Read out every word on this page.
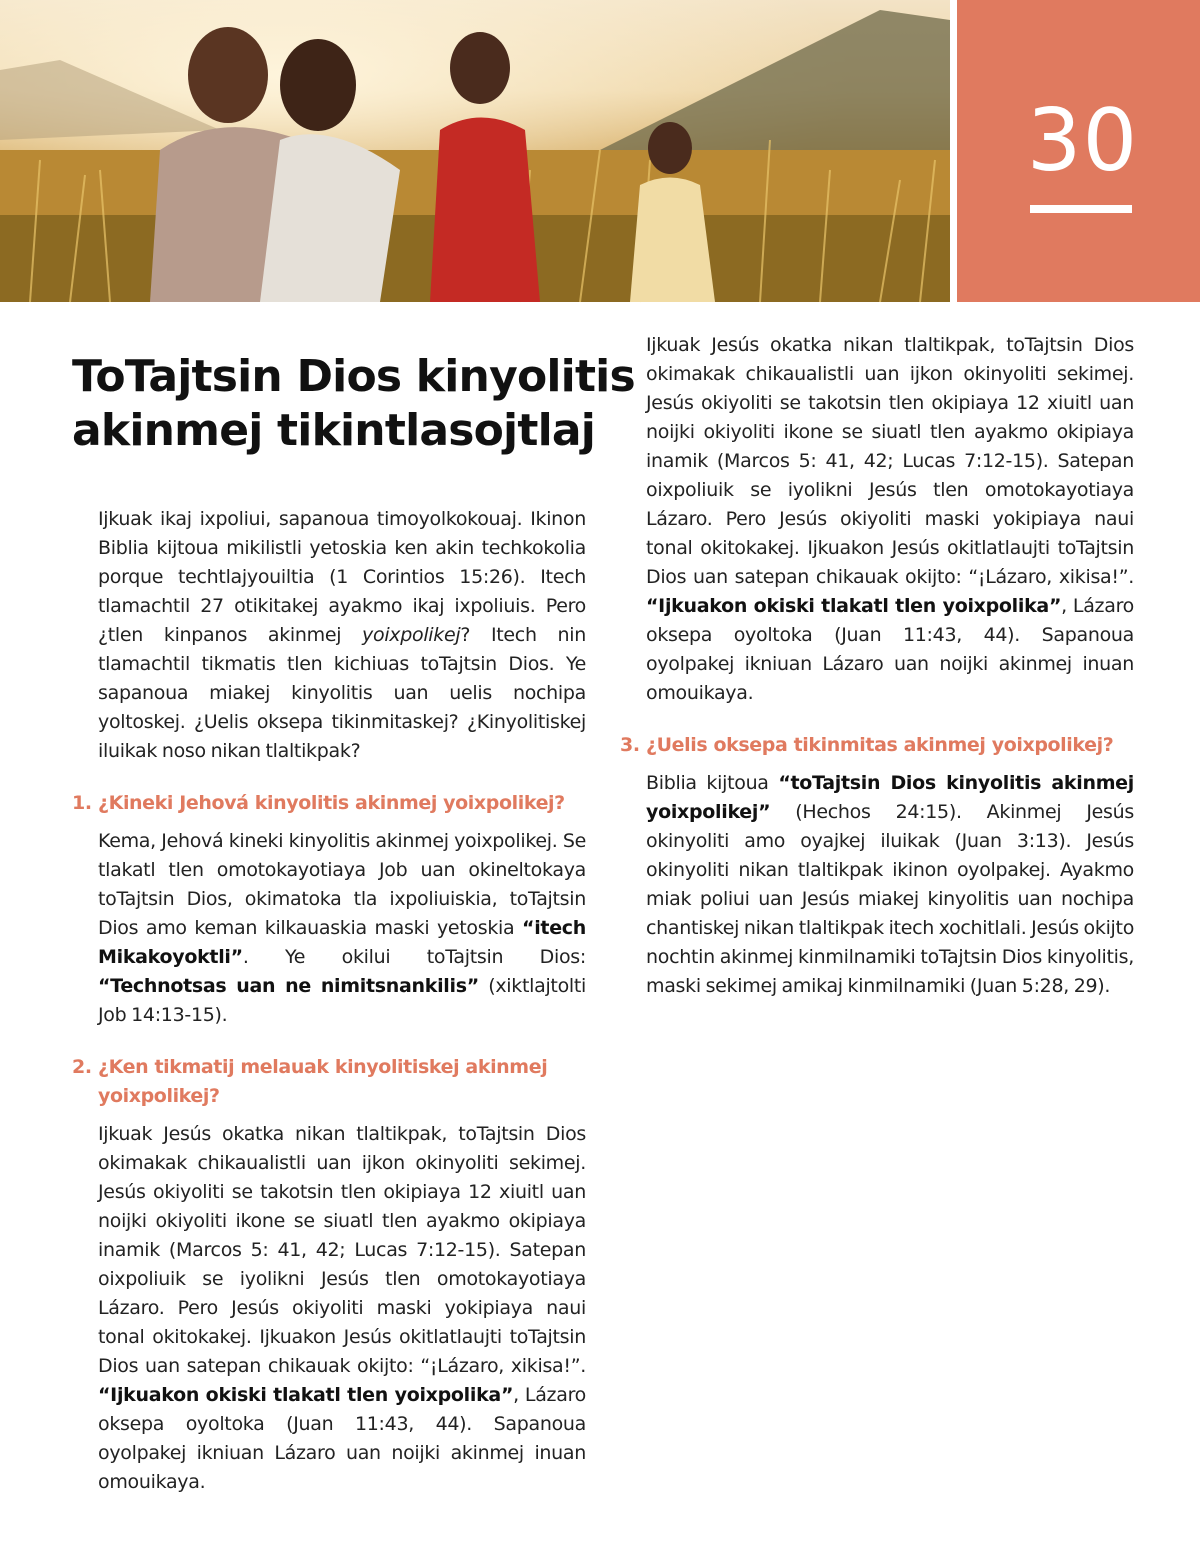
30
ToTajtsin Dios kinyolitis
akinmej tikintlasojtlaj

Ijkuak ikaj ixpoliui, sapanoua timoyolkokouaj. Ikinon Biblia kijtoua mikilistli yetoskia ken akin techkokolia porque techtlajyouiltia (1 Corintios 15:26). Itech tlamachtil 27 otikitakej ayakmo ikaj ixpoliuis. Pero ¿tlen kinpanos akinmej yoixpolikej? Itech nin tlamachtil tikmatis tlen kichiuas toTajtsin Dios. Ye sapanoua miakej kinyolitis uan uelis nochipa yoltoskej. ¿Uelis oksepa tikinmitaskej? ¿Kinyolitiskej iluikak noso nikan tlaltikpak?

1. ¿Kineki Jehová kinyolitis akinmej yoixpolikej?

Kema, Jehová kineki kinyolitis akinmej yoixpolikej. Se tlakatl tlen omotokayotiaya Job uan okineltokaya toTajtsin Dios, okimatoka tla ixpoliuiskia, toTajtsin Dios amo keman kilkauaskia maski yetoskia “itech Mikakoyoktli”. Ye okilui toTajtsin Dios: “Technotsas uan ne nimitsnankilis” (xiktlajtolti Job 14:13-15).

2. ¿Ken tikmatij melauak kinyolitiskej akinmej yoixpolikej?

Ijkuak Jesús okatka nikan tlaltikpak, toTajtsin Dios okimakak chikaualistli uan ijkon okinyoliti sekimej. Jesús okiyoliti se takotsin tlen okipiaya 12 xiuitl uan noijki okiyoliti ikone se siuatl tlen ayakmo okipiaya inamik (Marcos 5: 41, 42; Lucas 7:12-15). Satepan oixpoliuik se iyolikni Jesús tlen omotokayotiaya Lázaro. Pero Jesús okiyoliti maski yokipiaya naui tonal okitokakej. Ijkuakon Jesús okitlatlaujti toTajtsin Dios uan satepan chikauak okijto: “¡Lázaro, xikisa!”. “Ijkuakon okiski tlakatl tlen yoixpolika”, Lázaro oksepa oyoltoka (Juan 11:43, 44). Sapanoua oyolpakej ikniuan Lázaro uan noijki akinmej inuan omouikaya.

Ijkuak Jesús okatka nikan tlaltikpak, toTajtsin Dios okimakak chikaualistli uan ijkon okinyoliti sekimej. Jesús okiyoliti se takotsin tlen okipiaya 12 xiuitl uan noijki okiyoliti ikone se siuatl tlen ayakmo okipiaya inamik (Marcos 5: 41, 42; Lucas 7:12-15). Satepan oixpoliuik se iyolikni Jesús tlen omotokayotiaya Lázaro. Pero Jesús okiyoliti maski yokipiaya naui tonal okitokakej. Ijkuakon Jesús okitlatlaujti toTajtsin Dios uan satepan chikauak okijto: “¡Lázaro, xikisa!”. “Ijkuakon okiski tlakatl tlen yoixpolika”, Lázaro oksepa oyoltoka (Juan 11:43, 44). Sapanoua oyolpakej ikniuan Lázaro uan noijki akinmej inuan omouikaya.

3. ¿Uelis oksepa tikinmitas akinmej yoixpolikej?

Biblia kijtoua “toTajtsin Dios kinyolitis akinmej yoixpolikej” (Hechos 24:15). Akinmej Jesús okinyoliti amo oyajkej iluikak (Juan 3:13). Jesús okinyoliti nikan tlaltikpak ikinon oyolpakej. Ayakmo miak poliui uan Jesús miakej kinyolitis uan nochipa chantiskej nikan tlaltikpak itech xochitlali. Jesús okijto nochtin akinmej kinmilnamiki toTajtsin Dios kinyolitis, maski sekimej amikaj kinmilnamiki (Juan 5:28, 29).
